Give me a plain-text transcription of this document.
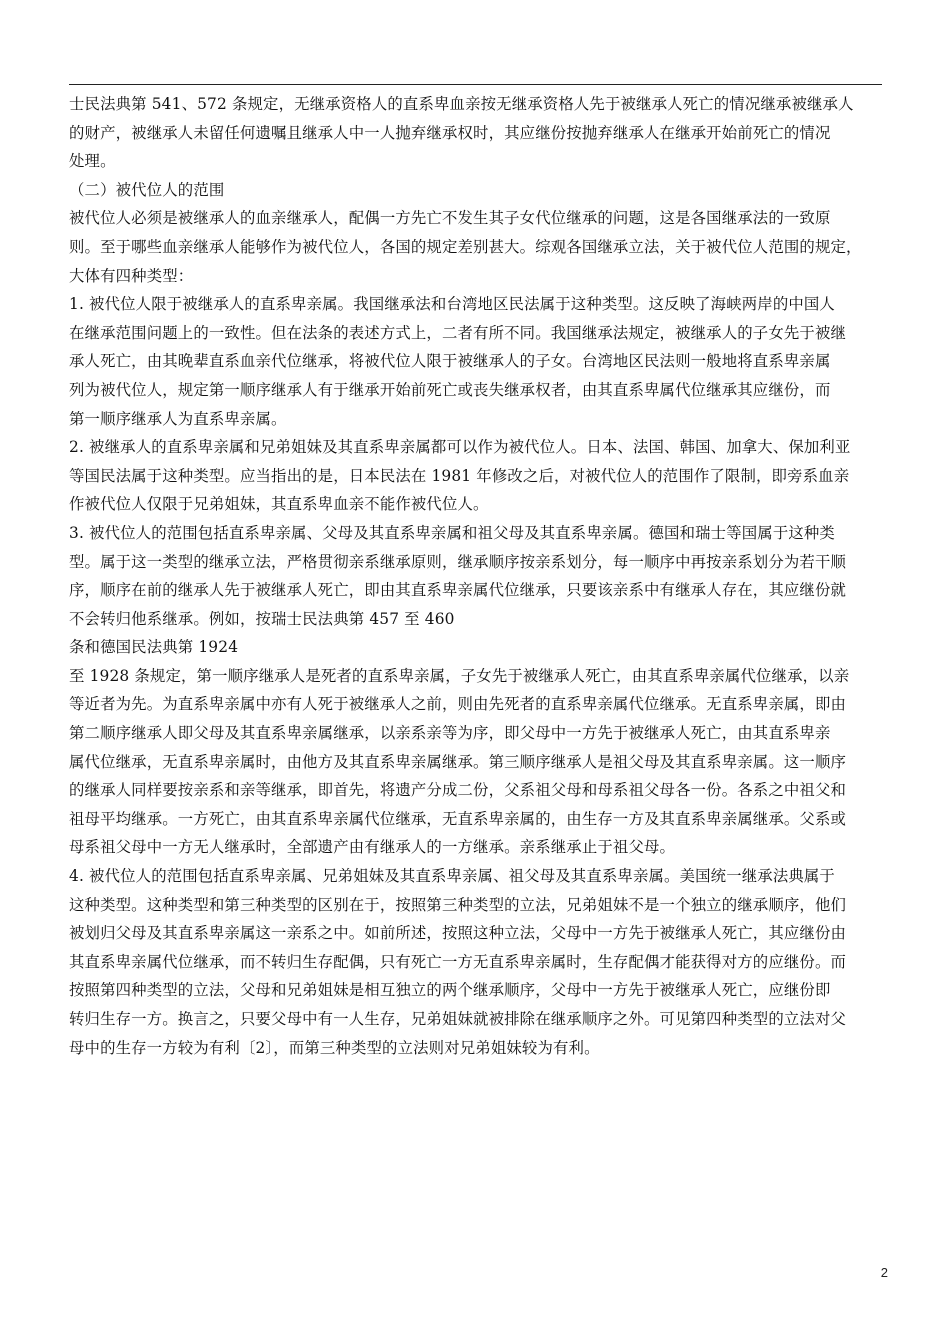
士民法典第 541、572 条规定，无继承资格人的直系卑血亲按无继承资格人先于被继承人死亡的情况继承被继承人
的财产，被继承人未留任何遗嘱且继承人中一人抛弃继承权时，其应继份按抛弃继承人在继承开始前死亡的情况
处理。
（二）被代位人的范围
被代位人必须是被继承人的血亲继承人，配偶一方先亡不发生其子女代位继承的问题，这是各国继承法的一致原
则。至于哪些血亲继承人能够作为被代位人，各国的规定差别甚大。综观各国继承立法，关于被代位人范围的规定，
大体有四种类型：
1. 被代位人限于被继承人的直系卑亲属。我国继承法和台湾地区民法属于这种类型。这反映了海峡两岸的中国人
在继承范围问题上的一致性。但在法条的表述方式上，二者有所不同。我国继承法规定，被继承人的子女先于被继
承人死亡，由其晚辈直系血亲代位继承，将被代位人限于被继承人的子女。台湾地区民法则一般地将直系卑亲属
列为被代位人，规定第一顺序继承人有于继承开始前死亡或丧失继承权者，由其直系卑属代位继承其应继份，而
第一顺序继承人为直系卑亲属。
2. 被继承人的直系卑亲属和兄弟姐妹及其直系卑亲属都可以作为被代位人。日本、法国、韩国、加拿大、保加利亚
等国民法属于这种类型。应当指出的是，日本民法在 1981 年修改之后，对被代位人的范围作了限制，即旁系血亲
作被代位人仅限于兄弟姐妹，其直系卑血亲不能作被代位人。
3. 被代位人的范围包括直系卑亲属、父母及其直系卑亲属和祖父母及其直系卑亲属。德国和瑞士等国属于这种类
型。属于这一类型的继承立法，严格贯彻亲系继承原则，继承顺序按亲系划分，每一顺序中再按亲系划分为若干顺
序，顺序在前的继承人先于被继承人死亡，即由其直系卑亲属代位继承，只要该亲系中有继承人存在，其应继份就
不会转归他系继承。例如，按瑞士民法典第 457 至 460
条和德国民法典第 1924
至 1928 条规定，第一顺序继承人是死者的直系卑亲属，子女先于被继承人死亡，由其直系卑亲属代位继承，以亲
等近者为先。为直系卑亲属中亦有人死于被继承人之前，则由先死者的直系卑亲属代位继承。无直系卑亲属，即由
第二顺序继承人即父母及其直系卑亲属继承，以亲系亲等为序，即父母中一方先于被继承人死亡，由其直系卑亲
属代位继承，无直系卑亲属时，由他方及其直系卑亲属继承。第三顺序继承人是祖父母及其直系卑亲属。这一顺序
的继承人同样要按亲系和亲等继承，即首先，将遗产分成二份，父系祖父母和母系祖父母各一份。各系之中祖父和
祖母平均继承。一方死亡，由其直系卑亲属代位继承，无直系卑亲属的，由生存一方及其直系卑亲属继承。父系或
母系祖父母中一方无人继承时，全部遗产由有继承人的一方继承。亲系继承止于祖父母。
4. 被代位人的范围包括直系卑亲属、兄弟姐妹及其直系卑亲属、祖父母及其直系卑亲属。美国统一继承法典属于
这种类型。这种类型和第三种类型的区别在于，按照第三种类型的立法，兄弟姐妹不是一个独立的继承顺序，他们
被划归父母及其直系卑亲属这一亲系之中。如前所述，按照这种立法，父母中一方先于被继承人死亡，其应继份由
其直系卑亲属代位继承，而不转归生存配偶，只有死亡一方无直系卑亲属时，生存配偶才能获得对方的应继份。而
按照第四种类型的立法，父母和兄弟姐妹是相互独立的两个继承顺序，父母中一方先于被继承人死亡，应继份即
转归生存一方。换言之，只要父母中有一人生存，兄弟姐妹就被排除在继承顺序之外。可见第四种类型的立法对父
母中的生存一方较为有利〔2〕，而第三种类型的立法则对兄弟姐妹较为有利。
2
